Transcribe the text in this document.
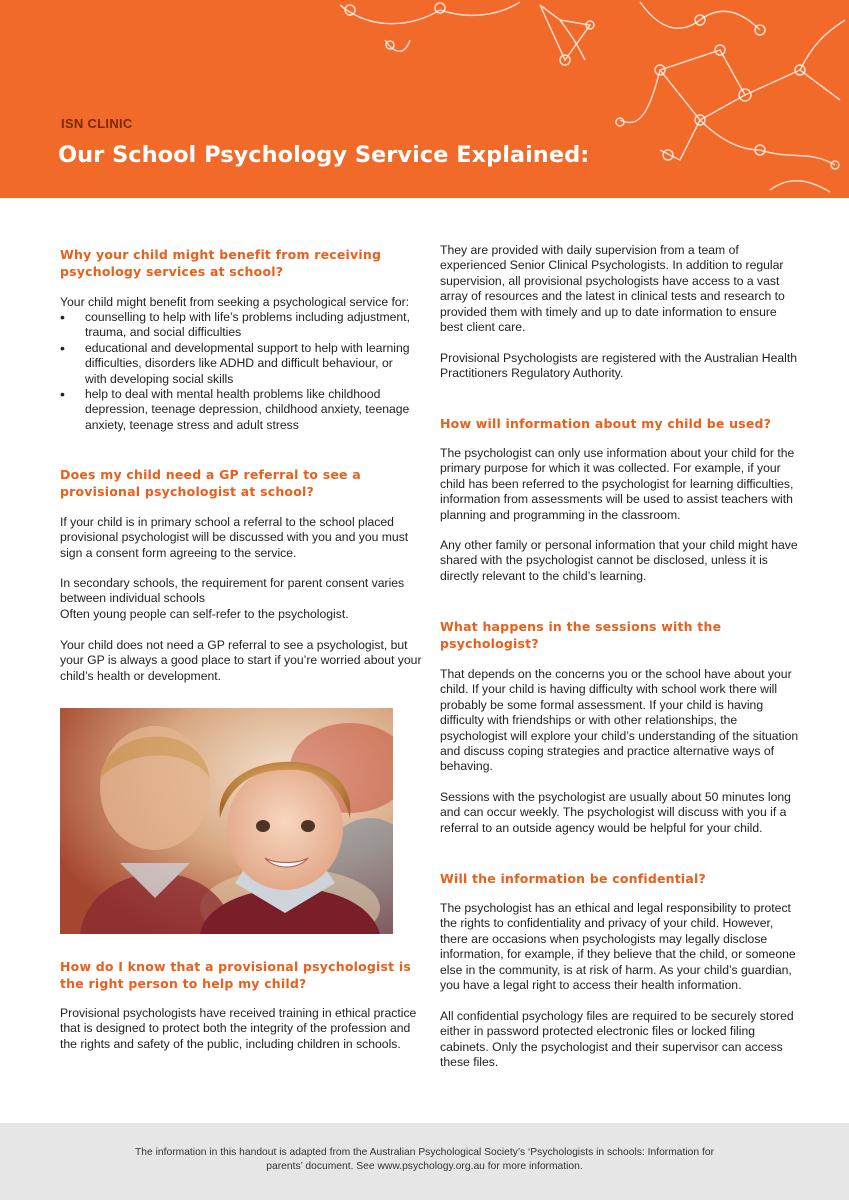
ISN CLINIC
Our School Psychology Service Explained:
Why your child might benefit from receiving psychology services at school?

Your child might benefit from seeking a psychological service for:

• counselling to help with life’s problems including adjustment, trauma, and social difficulties
• educational and developmental support to help with learning difficulties, disorders like ADHD and difficult behaviour, or with developing social skills
• help to deal with mental health problems like childhood depression, teenage depression, childhood anxiety, teenage anxiety, teenage stress and adult stress
Does my child need a GP referral to see a provisional psychologist at school?

If your child is in primary school a referral to the school placed provisional psychologist will be discussed with you and you must sign a consent form agreeing to the service.

In secondary schools, the requirement for parent consent varies between individual schools

Often young people can self-refer to the psychologist.

Your child does not need a GP referral to see a psychologist, but your GP is always a good place to start if you’re worried about your child’s health or development.

How do I know that a provisional psychologist is the right person to help my child?

Provisional psychologists have received training in ethical practice that is designed to protect both the integrity of the profession and the rights and safety of the public, including children in schools.

They are provided with daily supervision from a team of experienced Senior Clinical Psychologists. In addition to regular supervision, all provisional psychologists have access to a vast array of resources and the latest in clinical tests and research to provided them with timely and up to date information to ensure best client care.

Provisional Psychologists are registered with the Australian Health Practitioners Regulatory Authority.

How will information about my child be used?

The psychologist can only use information about your child for the primary purpose for which it was collected. For example, if your child has been referred to the psychologist for learning difficulties, information from assessments will be used to assist teachers with planning and programming in the classroom.

Any other family or personal information that your child might have shared with the psychologist cannot be disclosed, unless it is directly relevant to the child’s learning.

What happens in the sessions with the psychologist?

That depends on the concerns you or the school have about your child. If your child is having difficulty with school work there will probably be some formal assessment. If your child is having difficulty with friendships or with other relationships, the psychologist will explore your child’s understanding of the situation and discuss coping strategies and practice alternative ways of behaving.

Sessions with the psychologist are usually about 50 minutes long and can occur weekly. The psychologist will discuss with you if a referral to an outside agency would be helpful for your child.

Will the information be confidential?

The psychologist has an ethical and legal responsibility to protect the rights to confidentiality and privacy of your child. However, there are occasions when psychologists may legally disclose information, for example, if they believe that the child, or someone else in the community, is at risk of harm. As your child’s guardian, you have a legal right to access their health information.

All confidential psychology files are required to be securely stored either in password protected electronic files or locked filing cabinets. Only the psychologist and their supervisor can access these files.

The information in this handout is adapted from the Australian Psychological Society’s ‘Psychologists in schools: Information for
parents’ document. See www.psychology.org.au for more information.
